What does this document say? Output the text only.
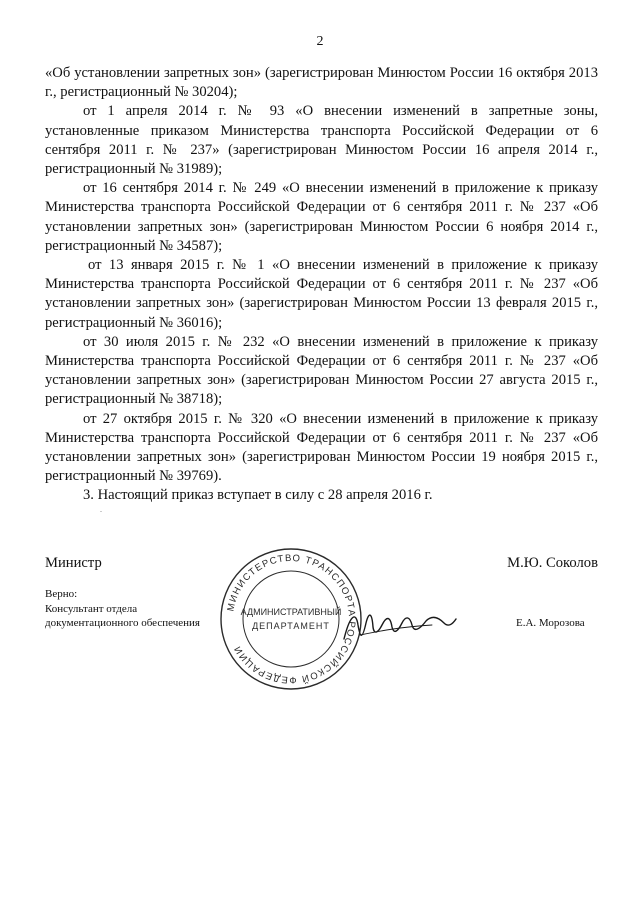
2

«Об установлении запретных зон» (зарегистрирован Минюстом России 16 октября 2013 г., регистрационный № 30204);

от 1 апреля 2014 г. № 93 «О внесении изменений в запретные зоны, установленные приказом Министерства транспорта Российской Федерации от 6 сентября 2011 г. № 237» (зарегистрирован Минюстом России 16 апреля 2014 г., регистрационный № 31989);

от 16 сентября 2014 г. № 249 «О внесении изменений в приложение к приказу Министерства транспорта Российской Федерации от 6 сентября 2011 г. № 237 «Об установлении запретных зон» (зарегистрирован Минюстом России 6 ноября 2014 г., регистрационный № 34587);

от 13 января 2015 г. № 1 «О внесении изменений в приложение к приказу Министерства транспорта Российской Федерации от 6 сентября 2011 г. № 237 «Об установлении запретных зон» (зарегистрирован Минюстом России 13 февраля 2015 г., регистрационный № 36016);

от 30 июля 2015 г. № 232 «О внесении изменений в приложение к приказу Министерства транспорта Российской Федерации от 6 сентября 2011 г. № 237 «Об установлении запретных зон» (зарегистрирован Минюстом России 27 августа 2015 г., регистрационный № 38718);

от 27 октября 2015 г. № 320 «О внесении изменений в приложение к приказу Министерства транспорта Российской Федерации от 6 сентября 2011 г. № 237 «Об установлении запретных зон» (зарегистрирован Минюстом России 19 ноября 2015 г., регистрационный № 39769).

3. Настоящий приказ вступает в силу с 28 апреля 2016 г.

Министр	М.Ю. Соколов
Верно:
Консультант отдела документационного обеспечения	Е.А. Морозова
МИНИСТЕРСТВО ТРАНСПОРТА РОССИЙСКОЙ ФЕДЕРАЦИИ
АДМИНИСТРАТИВНЫЙ
ДЕПАРТАМЕНТ
